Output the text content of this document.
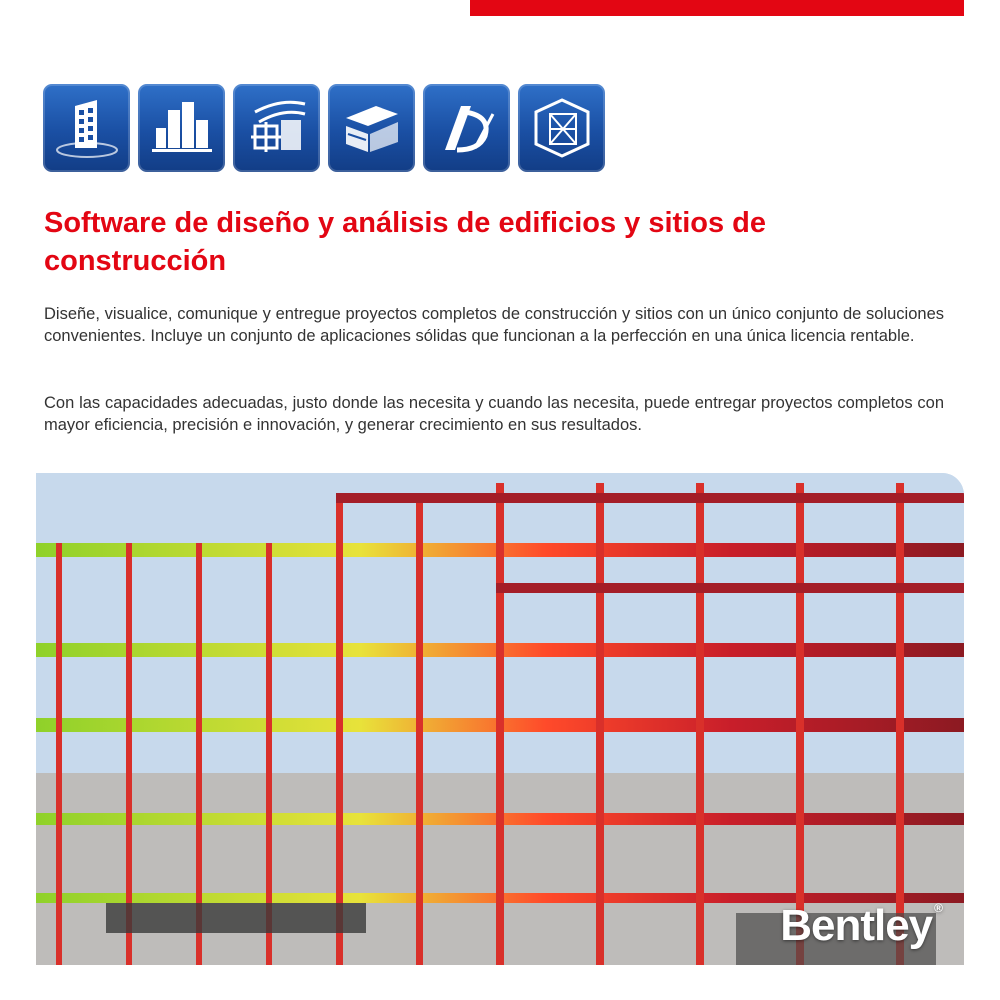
Software de diseño y análisis de edificios y sitios de construcción

Diseñe, visualice, comunique y entregue proyectos completos de construcción y sitios con un único conjunto de soluciones convenientes. Incluye un conjunto de aplicaciones sólidas que funcionan a la perfección en una única licencia rentable.

Con las capacidades adecuadas, justo donde las necesita y cuando las necesita, puede entregar proyectos completos con mayor eficiencia, precisión e innovación, y generar crecimiento en sus resultados.

Bentley ®
